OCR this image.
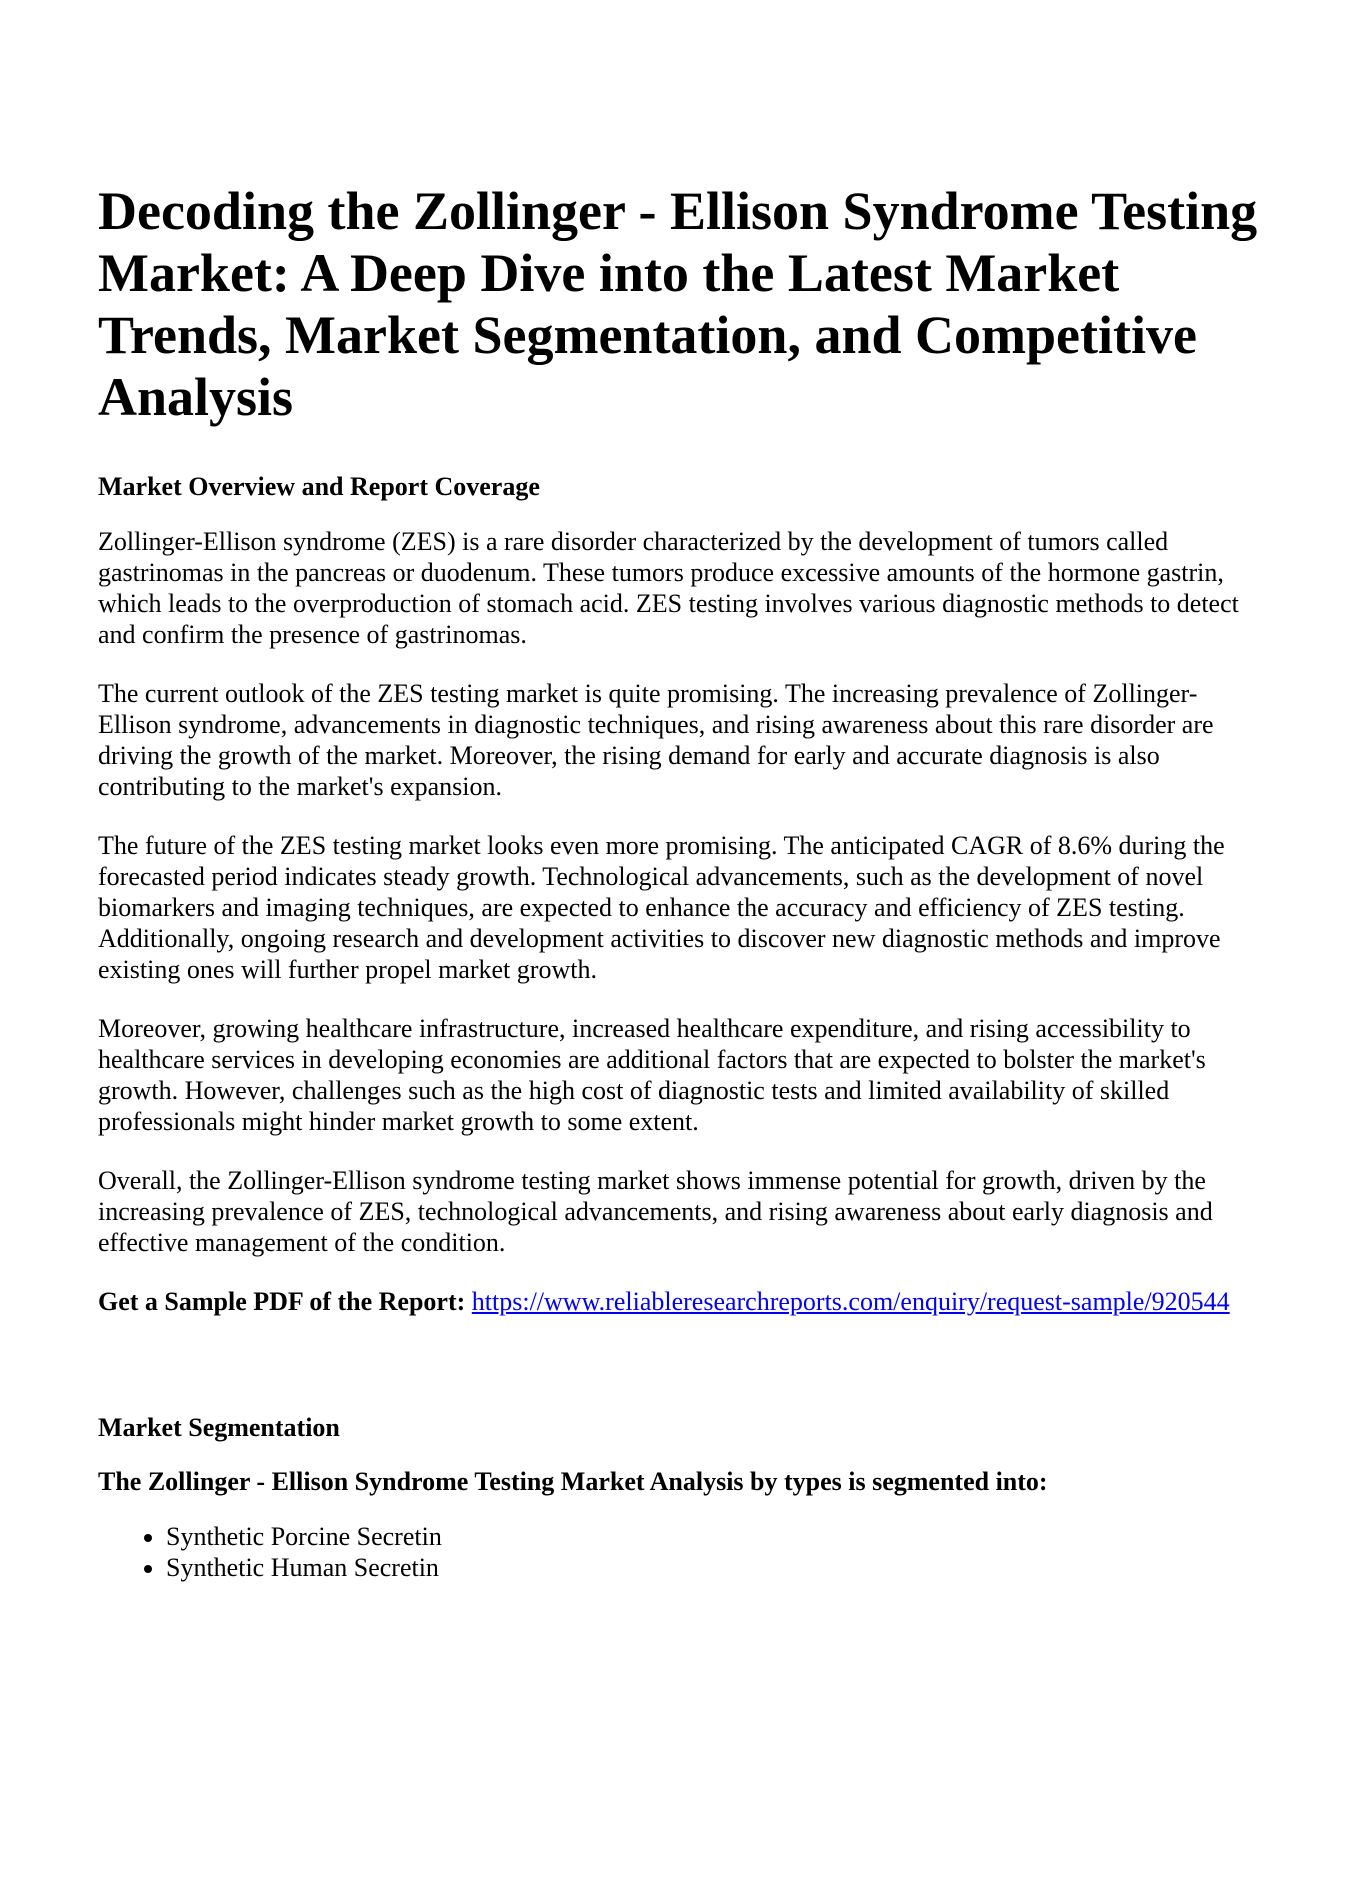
Decoding the Zollinger - Ellison Syndrome Testing Market: A Deep Dive into the Latest Market Trends, Market Segmentation, and Competitive Analysis
Market Overview and Report Coverage

Zollinger-Ellison syndrome (ZES) is a rare disorder characterized by the development of tumors called gastrinomas in the pancreas or duodenum. These tumors produce excessive amounts of the hormone gastrin, which leads to the overproduction of stomach acid. ZES testing involves various diagnostic methods to detect and confirm the presence of gastrinomas.

The current outlook of the ZES testing market is quite promising. The increasing prevalence of Zollinger-Ellison syndrome, advancements in diagnostic techniques, and rising awareness about this rare disorder are driving the growth of the market. Moreover, the rising demand for early and accurate diagnosis is also contributing to the market's expansion.

The future of the ZES testing market looks even more promising. The anticipated CAGR of 8.6% during the forecasted period indicates steady growth. Technological advancements, such as the development of novel biomarkers and imaging techniques, are expected to enhance the accuracy and efficiency of ZES testing. Additionally, ongoing research and development activities to discover new diagnostic methods and improve existing ones will further propel market growth.

Moreover, growing healthcare infrastructure, increased healthcare expenditure, and rising accessibility to healthcare services in developing economies are additional factors that are expected to bolster the market's growth. However, challenges such as the high cost of diagnostic tests and limited availability of skilled professionals might hinder market growth to some extent.

Overall, the Zollinger-Ellison syndrome testing market shows immense potential for growth, driven by the increasing prevalence of ZES, technological advancements, and rising awareness about early diagnosis and effective management of the condition.

Get a Sample PDF of the Report: https://www.reliableresearchreports.com/enquiry/request-sample/920544

Market Segmentation
The Zollinger - Ellison Syndrome Testing Market Analysis by types is segmented into:
• Synthetic Porcine Secretin
• Synthetic Human Secretin
